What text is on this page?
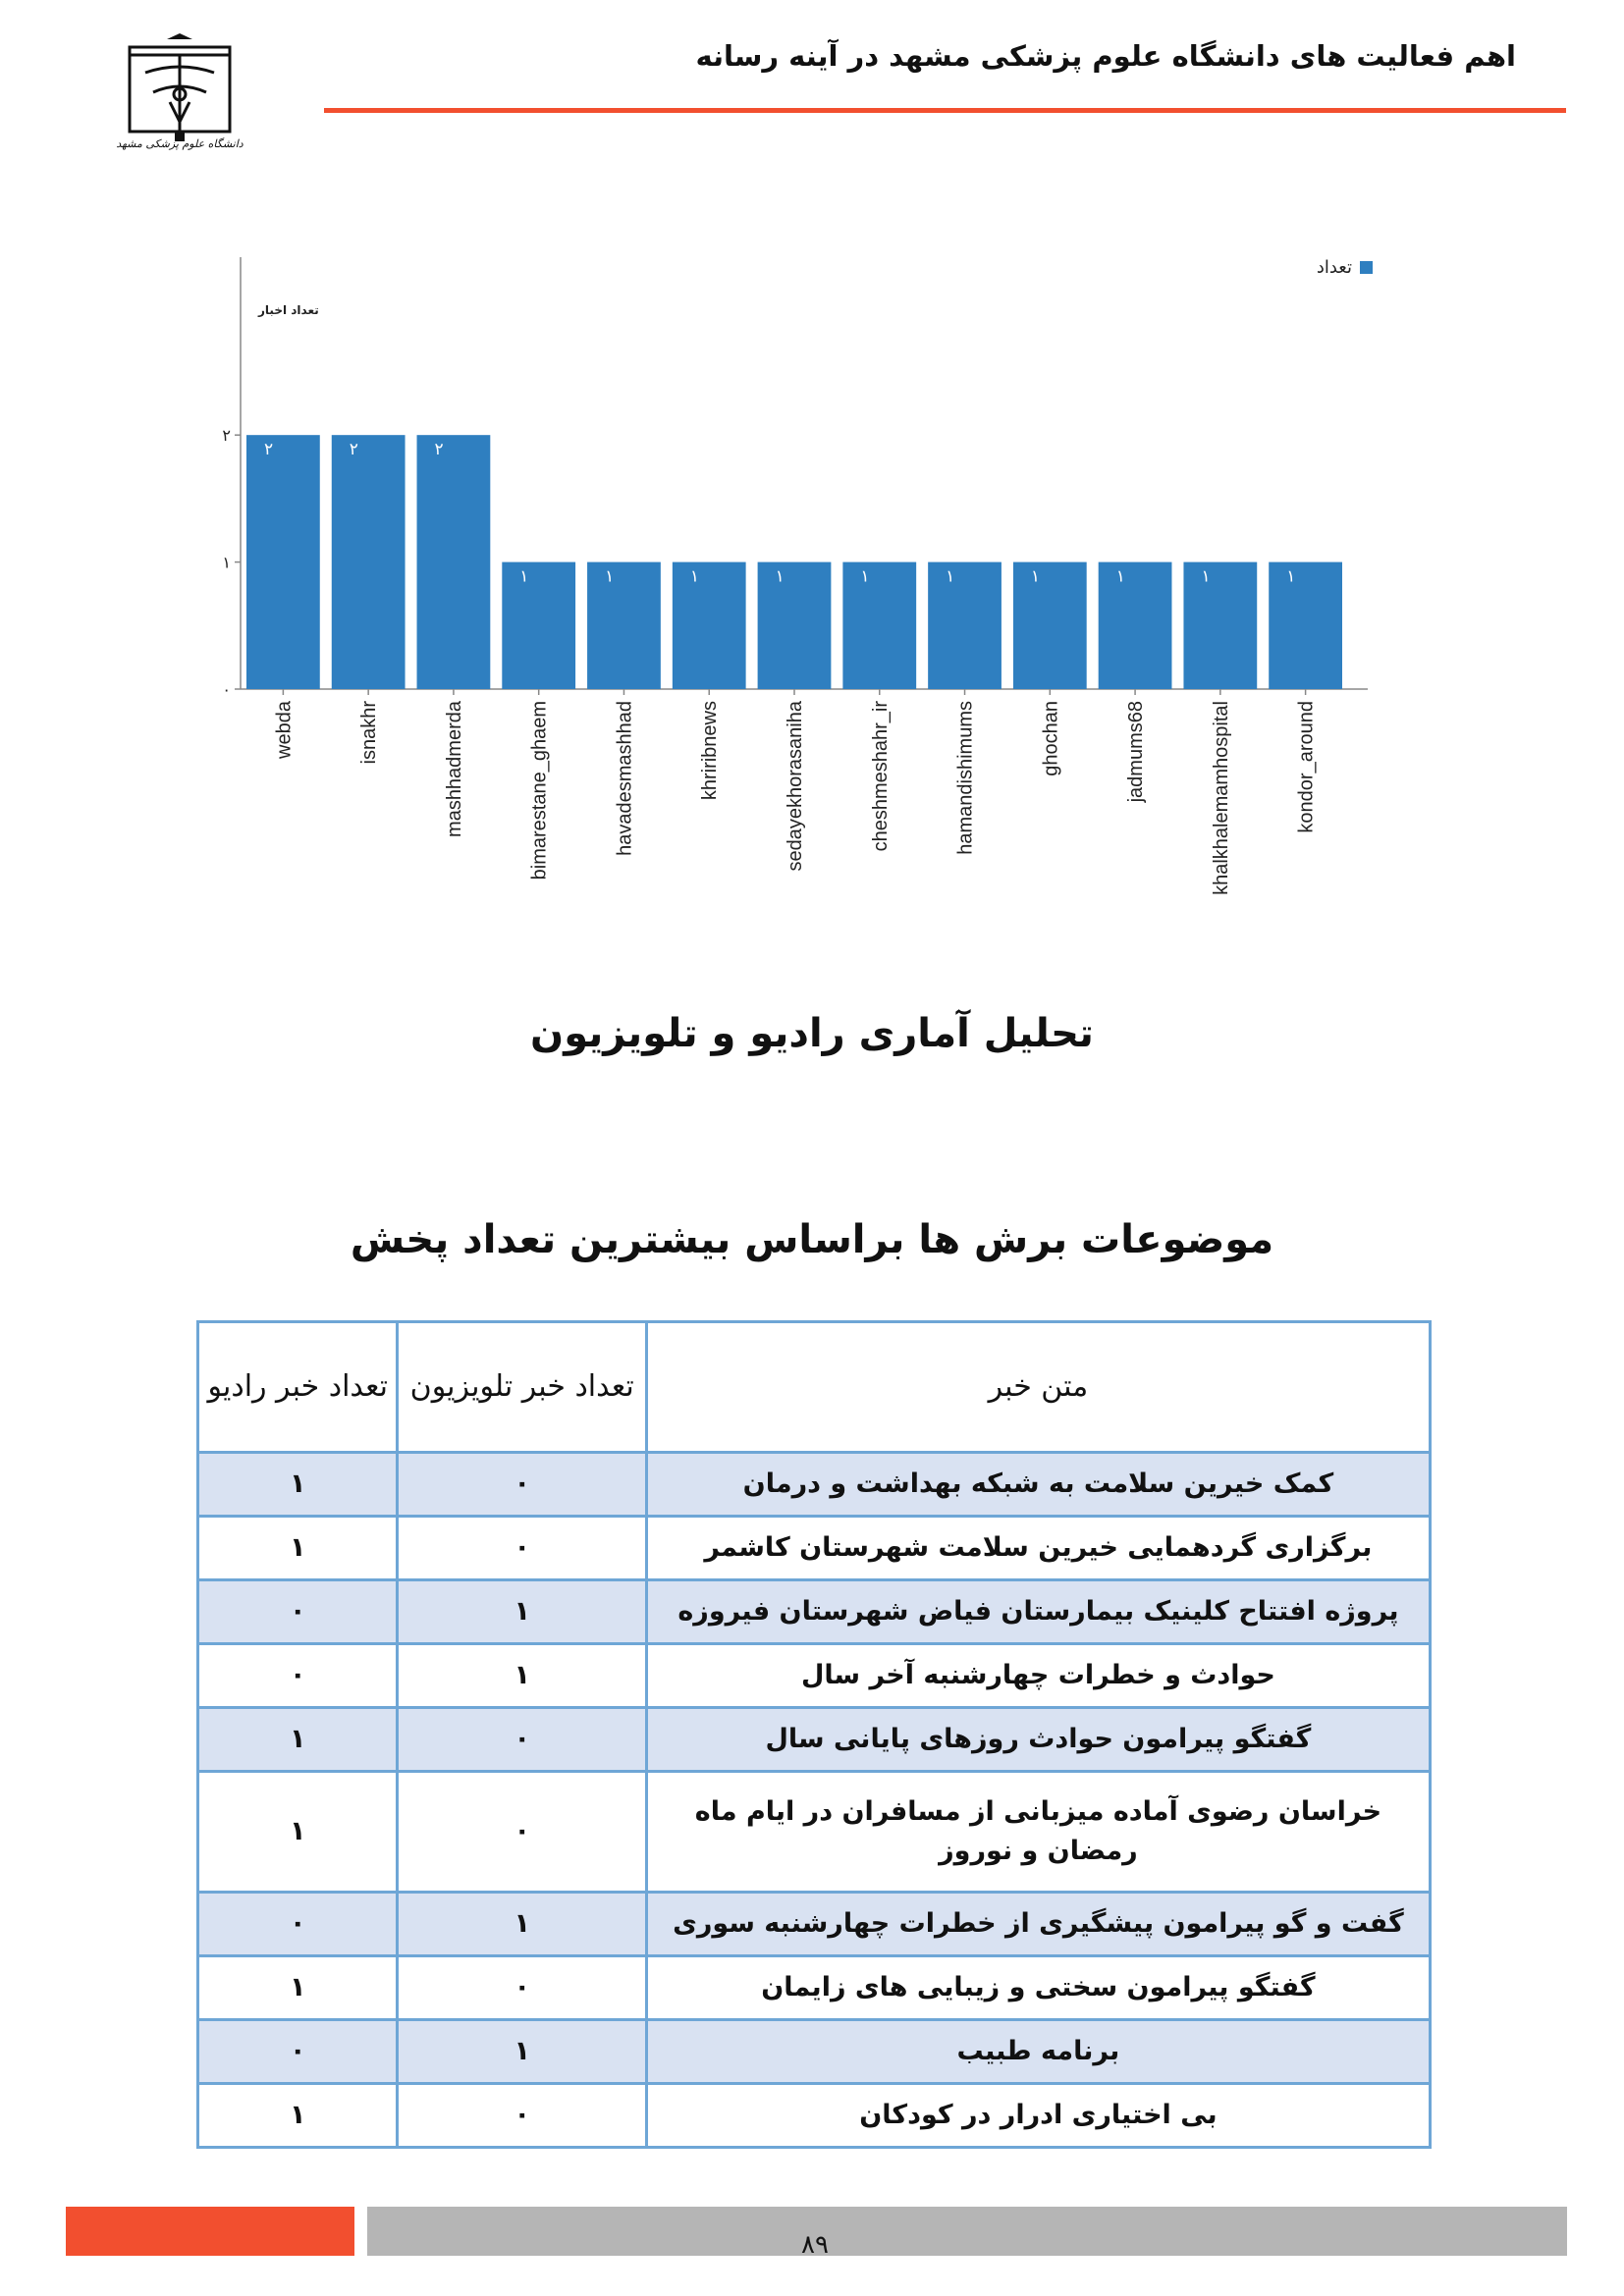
اهم فعالیت های دانشگاه علوم پزشکی مشهد در آینه رسانه
دانشگاه علوم پزشکی مشهد
۰
۱
۲
تعداد اخبار
تعداد
۲
webda
۲
isnakhr
۲
mashhadmerda
۱
bimarestane_ghaem
۱
havadesmashhad
۱
khriribnews
۱
sedayekhorasaniha
۱
cheshmeshahr_ir
۱
hamandishimums
۱
ghochan
۱
jadmums68
۱
khalkhalemamhospital
۱
kondor_around
تحلیل آماری رادیو و تلویزیون
موضوعات برش ها براساس بیشترین تعداد پخش
متن خبر	تعداد خبر تلویزیون	تعداد خبر رادیو
کمک خیرین سلامت به شبکه بهداشت و درمان	۰	۱
برگزاری گردهمایی خیرین سلامت شهرستان کاشمر	۰	۱
پروژه افتتاح کلینیک بیمارستان فیاض شهرستان فیروزه	۱	۰
حوادث و خطرات چهارشنبه آخر سال	۱	۰
گفتگو پیرامون حوادث روزهای پایانی سال	۰	۱
خراسان رضوی آماده میزبانی از مسافران در ایام ماه رمضان و نوروز	۰	۱
گفت و گو پیرامون پیشگیری از خطرات چهارشنبه سوری	۱	۰
گفتگو پیرامون سختی و زیبایی های زایمان	۰	۱
برنامه طبیب	۱	۰
بی اختیاری ادرار در کودکان	۰	۱
۸۹
